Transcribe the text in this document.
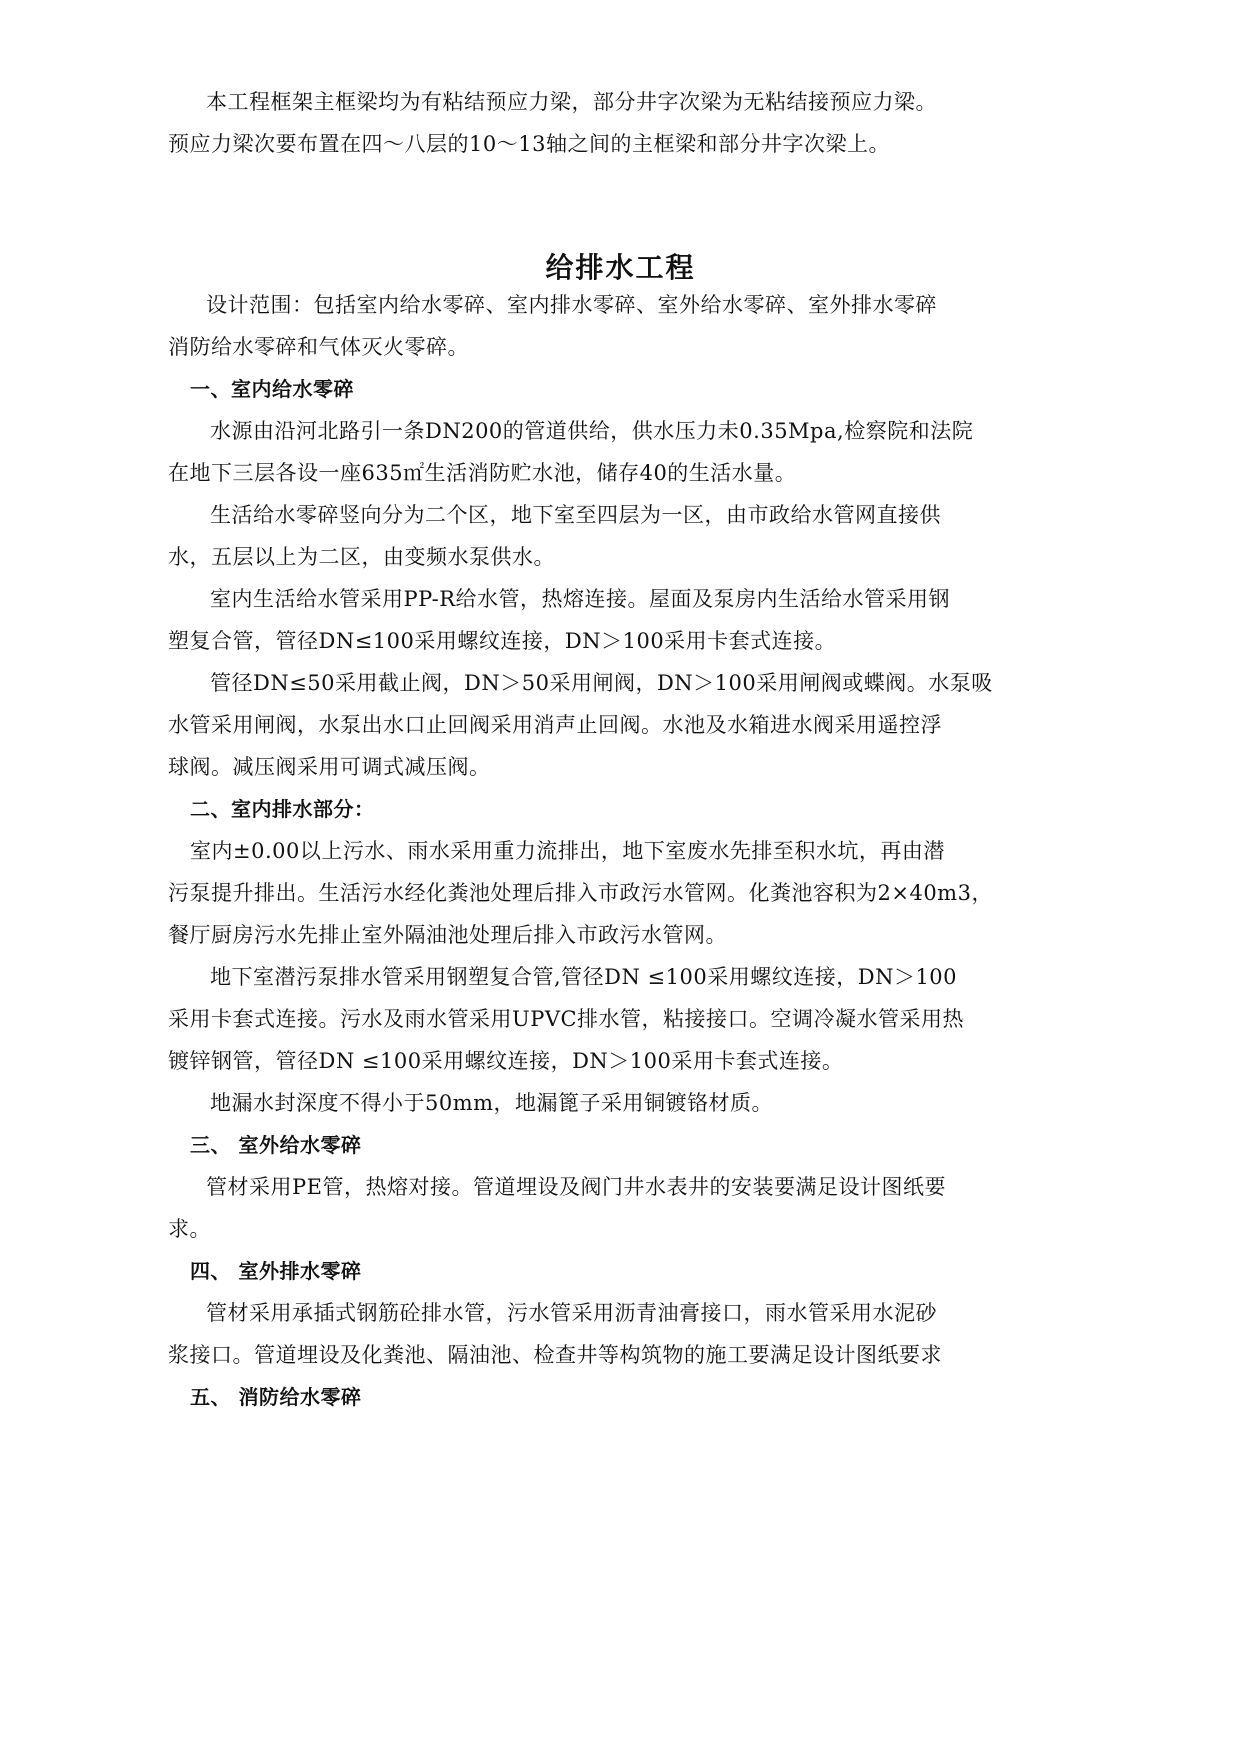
本工程框架主框梁均为有粘结预应力梁，部分井字次梁为无粘结接预应力梁。
预应力梁次要布置在四～八层的10～13轴之间的主框梁和部分井字次梁上。
给排水工程
设计范围：包括室内给水零碎、室内排水零碎、室外给水零碎、室外排水零碎
消防给水零碎和气体灭火零碎。
一、室内给水零碎
水源由沿河北路引一条DN200的管道供给，供水压力未0.35Mpa,检察院和法院
在地下三层各设一座635㎡生活消防贮水池，储存40的生活水量。
生活给水零碎竖向分为二个区，地下室至四层为一区，由市政给水管网直接供
水，五层以上为二区，由变频水泵供水。
室内生活给水管采用PP-R给水管，热熔连接。屋面及泵房内生活给水管采用钢
塑复合管，管径DN≤100采用螺纹连接，DN＞100采用卡套式连接。
管径DN≤50采用截止阀，DN＞50采用闸阀，DN＞100采用闸阀或蝶阀。水泵吸
水管采用闸阀，水泵出水口止回阀采用消声止回阀。水池及水箱进水阀采用遥控浮
球阀。减压阀采用可调式减压阀。
二、室内排水部分：
室内±0.00以上污水、雨水采用重力流排出，地下室废水先排至积水坑，再由潜
污泵提升排出。生活污水经化粪池处理后排入市政污水管网。化粪池容积为2×40m3，
餐厅厨房污水先排止室外隔油池处理后排入市政污水管网。
地下室潜污泵排水管采用钢塑复合管,管径DN ≤100采用螺纹连接，DN＞100
采用卡套式连接。污水及雨水管采用UPVC排水管，粘接接口。空调冷凝水管采用热
镀锌钢管，管径DN ≤100采用螺纹连接，DN＞100采用卡套式连接。
地漏水封深度不得小于50mm，地漏篦子采用铜镀铬材质。
三、 室外给水零碎
管材采用PE管，热熔对接。管道埋设及阀门井水表井的安装要满足设计图纸要
求。
四、 室外排水零碎
管材采用承插式钢筋砼排水管，污水管采用沥青油膏接口，雨水管采用水泥砂
浆接口。管道埋设及化粪池、隔油池、检查井等构筑物的施工要满足设计图纸要求
五、 消防给水零碎
